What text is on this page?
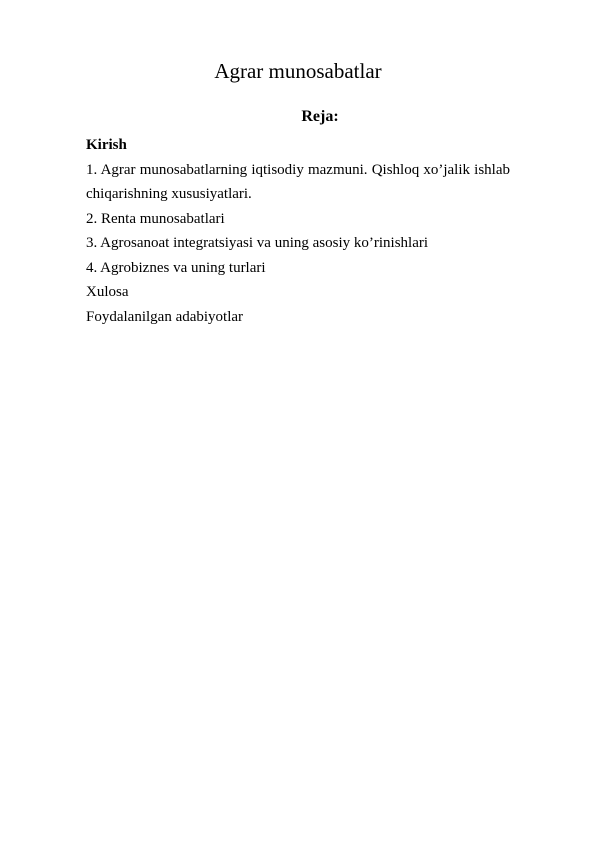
Agrar munosabatlar
Reja:

Kirish

1. Agrar munosabatlarning iqtisodiy mazmuni. Qishloq xo’jalik ishlab chiqarishning xususiyatlari.

2. Renta munosabatlari

3. Agrosanoat integratsiyasi va uning asosiy ko’rinishlari

4. Agrobiznes va uning turlari

Xulosa

Foydalanilgan adabiyotlar
